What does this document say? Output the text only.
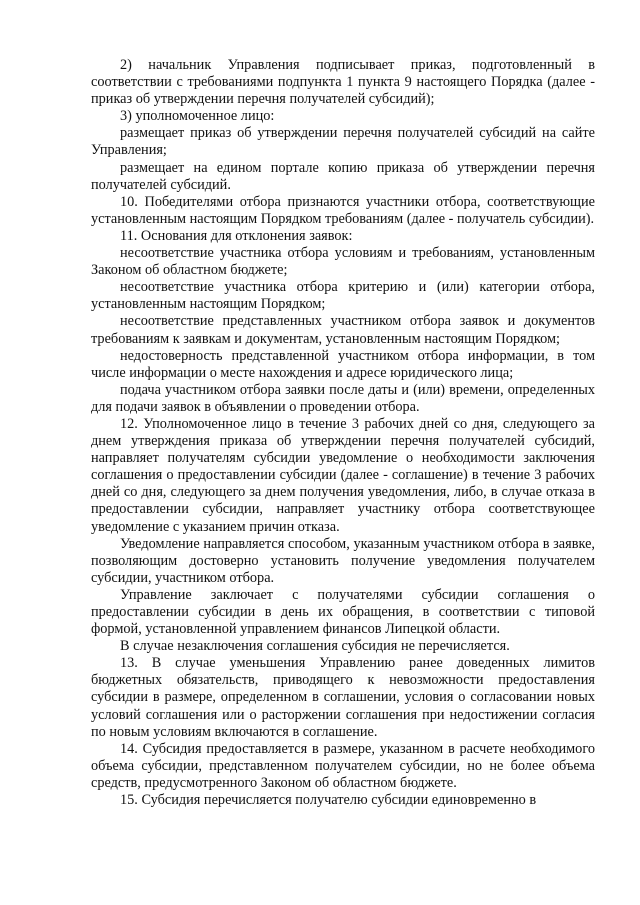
2) начальник Управления подписывает приказ, подготовленный в соответствии с требованиями подпункта 1 пункта 9 настоящего Порядка (далее - приказ об утверждении перечня получателей субсидий);

3) уполномоченное лицо:

размещает приказ об утверждении перечня получателей субсидий на сайте Управления;

размещает на едином портале копию приказа об утверждении перечня получателей субсидий.

10. Победителями отбора признаются участники отбора, соответствующие установленным настоящим Порядком требованиям (далее - получатель субсидии).

11. Основания для отклонения заявок:

несоответствие участника отбора условиям и требованиям, установленным Законом об областном бюджете;

несоответствие участника отбора критерию и (или) категории отбора, установленным настоящим Порядком;

несоответствие представленных участником отбора заявок и документов требованиям к заявкам и документам, установленным настоящим Порядком;

недостоверность представленной участником отбора информации, в том числе информации о месте нахождения и адресе юридического лица;

подача участником отбора заявки после даты и (или) времени, определенных для подачи заявок в объявлении о проведении отбора.

12. Уполномоченное лицо в течение 3 рабочих дней со дня, следующего за днем утверждения приказа об утверждении перечня получателей субсидий, направляет получателям субсидии уведомление о необходимости заключения соглашения о предоставлении субсидии (далее - соглашение) в течение 3 рабочих дней со дня, следующего за днем получения уведомления, либо, в случае отказа в предоставлении субсидии, направляет участнику отбора соответствующее уведомление с указанием причин отказа.

Уведомление направляется способом, указанным участником отбора в заявке, позволяющим достоверно установить получение уведомления получателем субсидии, участником отбора.

Управление заключает с получателями субсидии соглашения о предоставлении субсидии в день их обращения, в соответствии с типовой формой, установленной управлением финансов Липецкой области.

В случае незаключения соглашения субсидия не перечисляется.

13. В случае уменьшения Управлению ранее доведенных лимитов бюджетных обязательств, приводящего к невозможности предоставления субсидии в размере, определенном в соглашении, условия о согласовании новых условий соглашения или о расторжении соглашения при недостижении согласия по новым условиям включаются в соглашение.

14. Субсидия предоставляется в размере, указанном в расчете необходимого объема субсидии, представленном получателем субсидии, но не более объема средств, предусмотренного Законом об областном бюджете.

15. Субсидия перечисляется получателю субсидии единовременно в
